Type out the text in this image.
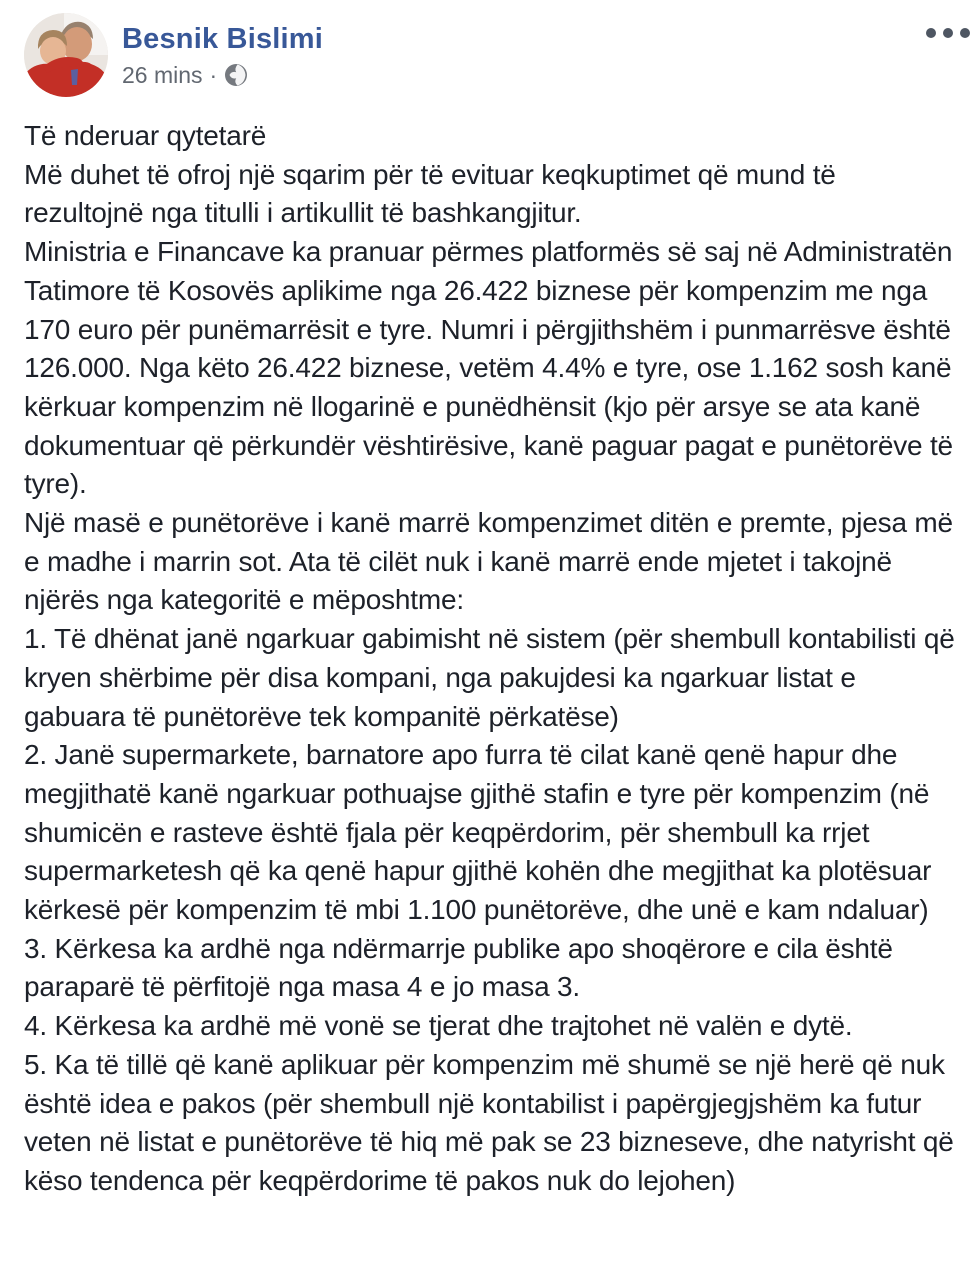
Besnik Bislimi
26 mins ·
Të nderuar qytetarë
Më duhet të ofroj një sqarim për të evituar keqkuptimet që mund të rezultojnë nga titulli i artikullit të bashkangjitur.
Ministria e Financave ka pranuar përmes platformës së saj në Administratën Tatimore të Kosovës aplikime nga 26.422 biznese për kompenzim me nga 170 euro për punëmarrësit e tyre. Numri i përgjithshëm i punmarrësve është 126.000. Nga këto 26.422 biznese, vetëm 4.4% e tyre, ose 1.162 sosh kanë kërkuar kompenzim në llogarinë e punëdhënsit (kjo për arsye se ata kanë dokumentuar që përkundër vështirësive, kanë paguar pagat e punëtorëve të tyre).
Një masë e punëtorëve i kanë marrë kompenzimet ditën e premte, pjesa më e madhe i marrin sot. Ata të cilët nuk i kanë marrë ende mjetet i takojnë njërës nga kategoritë e mëposhtme:
1. Të dhënat janë ngarkuar gabimisht në sistem (për shembull kontabilisti që kryen shërbime për disa kompani, nga pakujdesi ka ngarkuar listat e gabuara të punëtorëve tek kompanitë përkatëse)
2. Janë supermarkete, barnatore apo furra të cilat kanë qenë hapur dhe megjithatë kanë ngarkuar pothuajse gjithë stafin e tyre për kompenzim (në shumicën e rasteve është fjala për keqpërdorim, për shembull ka rrjet supermarketesh që ka qenë hapur gjithë kohën dhe megjithat ka plotësuar kërkesë për kompenzim të mbi 1.100 punëtorëve, dhe unë e kam ndaluar)
3. Kërkesa ka ardhë nga ndërmarrje publike apo shoqërore e cila është paraparë të përfitojë nga masa 4 e jo masa 3.
4. Kërkesa ka ardhë më vonë se tjerat dhe trajtohet në valën e dytë.
5. Ka të tillë që kanë aplikuar për kompenzim më shumë se një herë që nuk është idea e pakos (për shembull një kontabilist i papërgjegjshëm ka futur veten në listat e punëtorëve të hiq më pak se 23 bizneseve, dhe natyrisht që këso tendenca për keqpërdorime të pakos nuk do lejohen)
